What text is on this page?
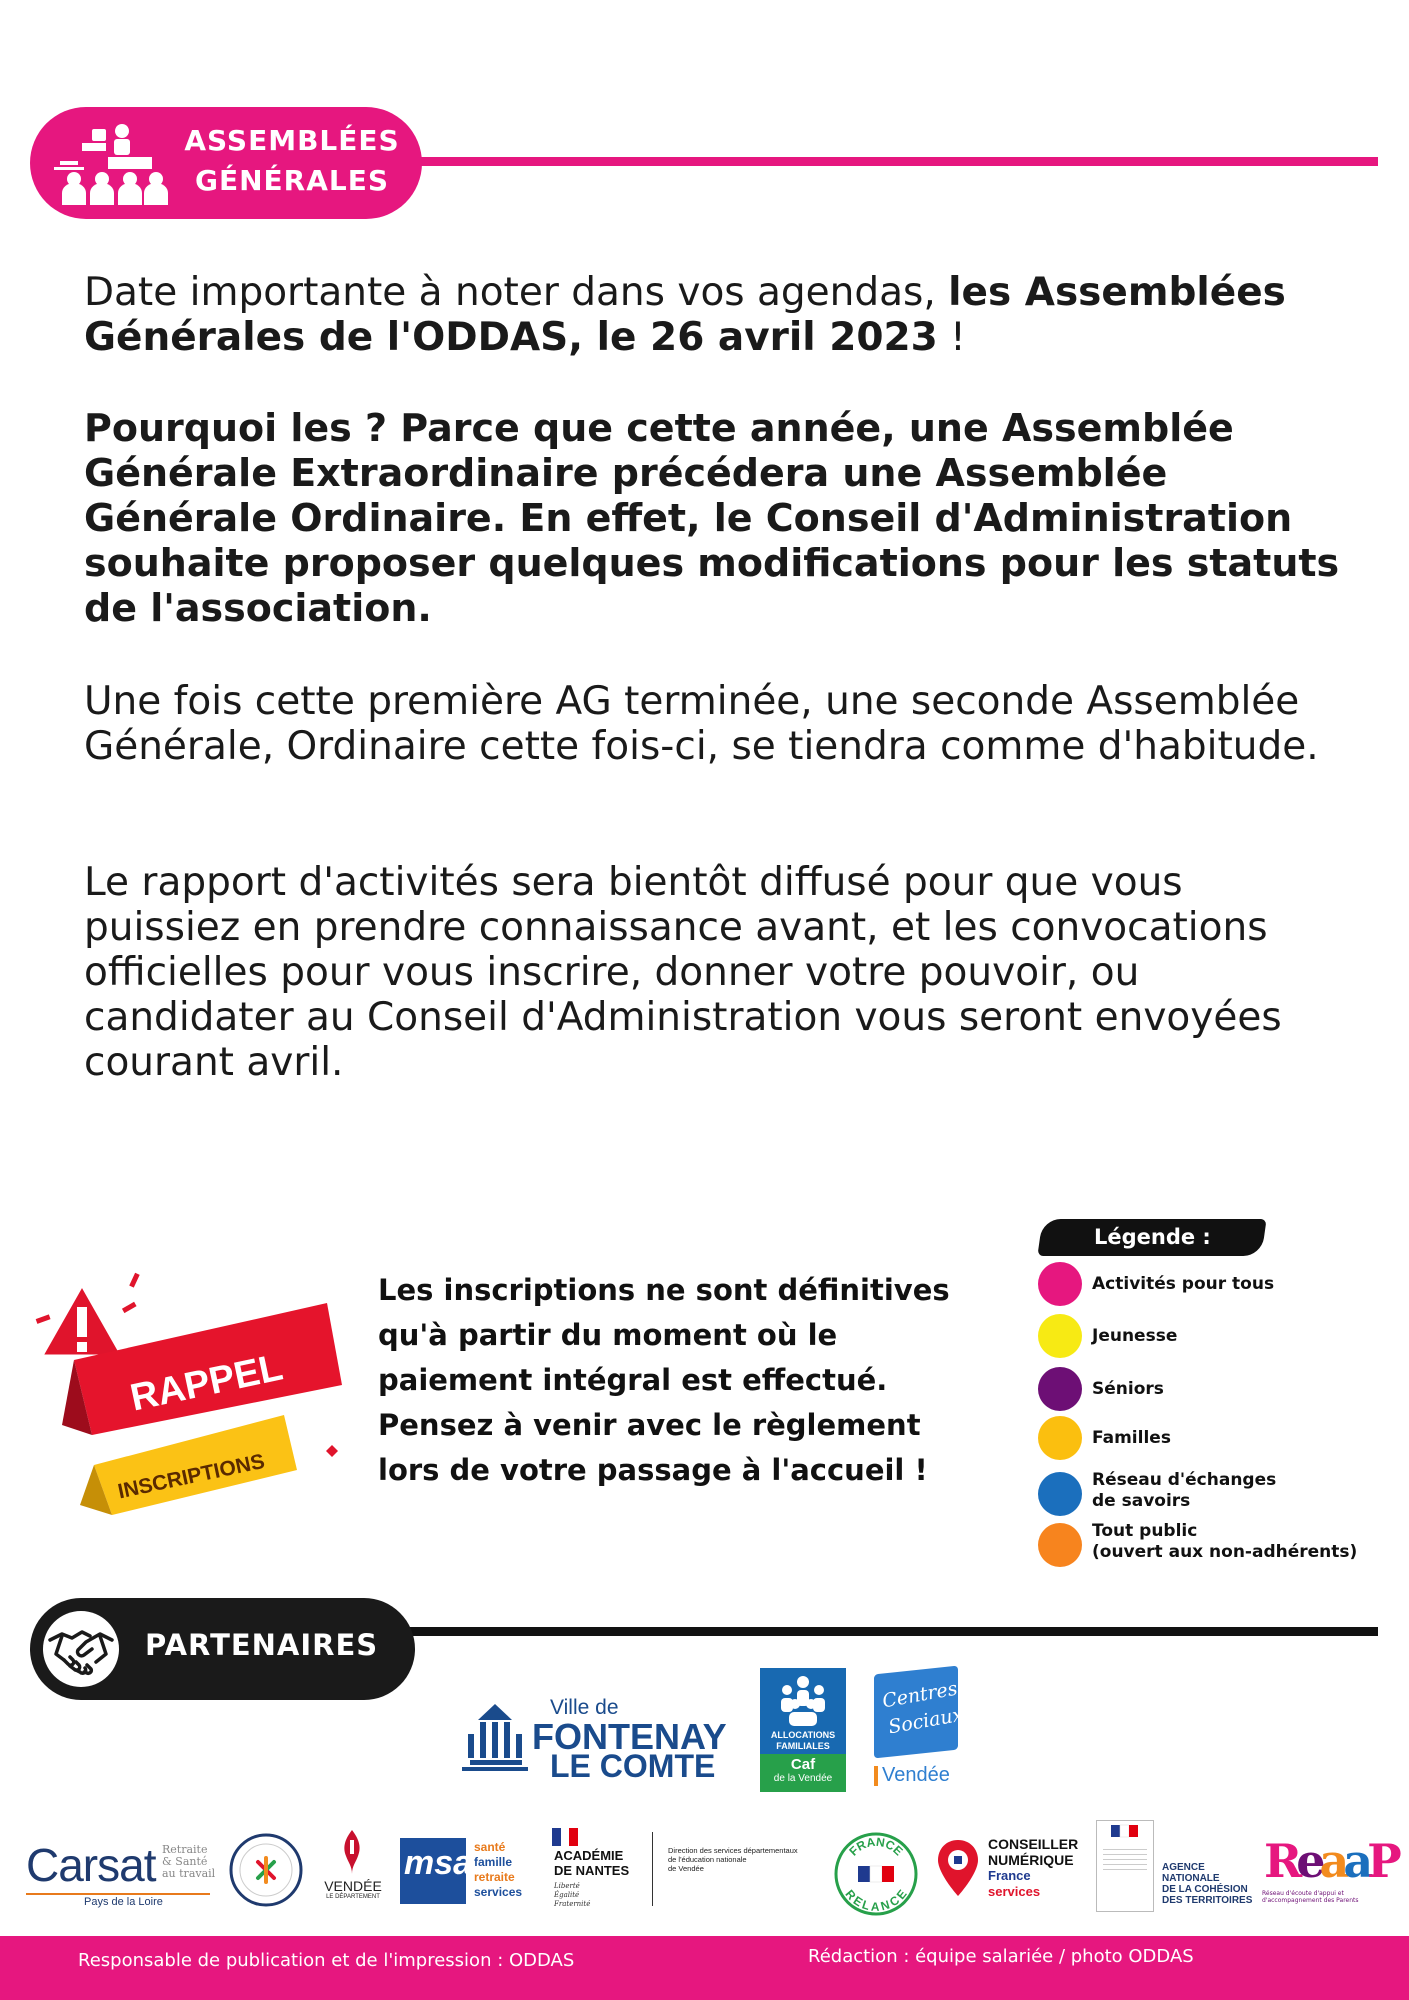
ASSEMBLÉES
GÉNÉRALES

Date importante à noter dans vos agendas, les Assemblées Générales de l'ODDAS, le 26 avril 2023 !

Pourquoi les ? Parce que cette année, une Assemblée Générale Extraordinaire précédera une Assemblée Générale Ordinaire. En effet, le Conseil d'Administration souhaite proposer quelques modifications pour les statuts de l'association.

Une fois cette première AG terminée, une seconde Assemblée Générale, Ordinaire cette fois-ci, se tiendra comme d'habitude.

Le rapport d'activités sera bientôt diffusé pour que vous puissiez en prendre connaissance avant, et les convocations officielles pour vous inscrire, donner votre pouvoir, ou candidater au Conseil d'Administration vous seront envoyées courant avril.

RAPPEL
INSCRIPTIONS

Les inscriptions ne sont définitives qu'à partir du moment où le paiement intégral est effectué. Pensez à venir avec le règlement lors de votre passage à l'accueil !

Légende :
Activités pour tous
Jeunesse
Séniors
Familles
Réseau d'échanges
de savoirs
Tout public
(ouvert aux non-adhérents)
PARTENAIRES
Ville de
FONTENAY
LE COMTE
ALLOCATIONS
FAMILIALES
Caf
de la Vendée
Centres
Sociaux
Vendée
Carsat Retraite
& Santé
au travail
Pays de la Loire
VENDÉE
LE DÉPARTEMENT
msa santé
famille
retraite
services
ACADÉMIE
DE NANTES
Liberté
Égalité
Fraternité
Direction des services départementaux
de l'éducation nationale
de Vendée
FRANCE
RELANCE
CONSEILLER
NUMÉRIQUE
France
services
AGENCE
NATIONALE
DE LA COHÉSION
DES TERRITOIRES
ReaaP
Réseau d'écoute d'appui et d'accompagnement des Parents
Responsable de publication et de l'impression : ODDAS	Rédaction : équipe salariée / photo ODDAS
